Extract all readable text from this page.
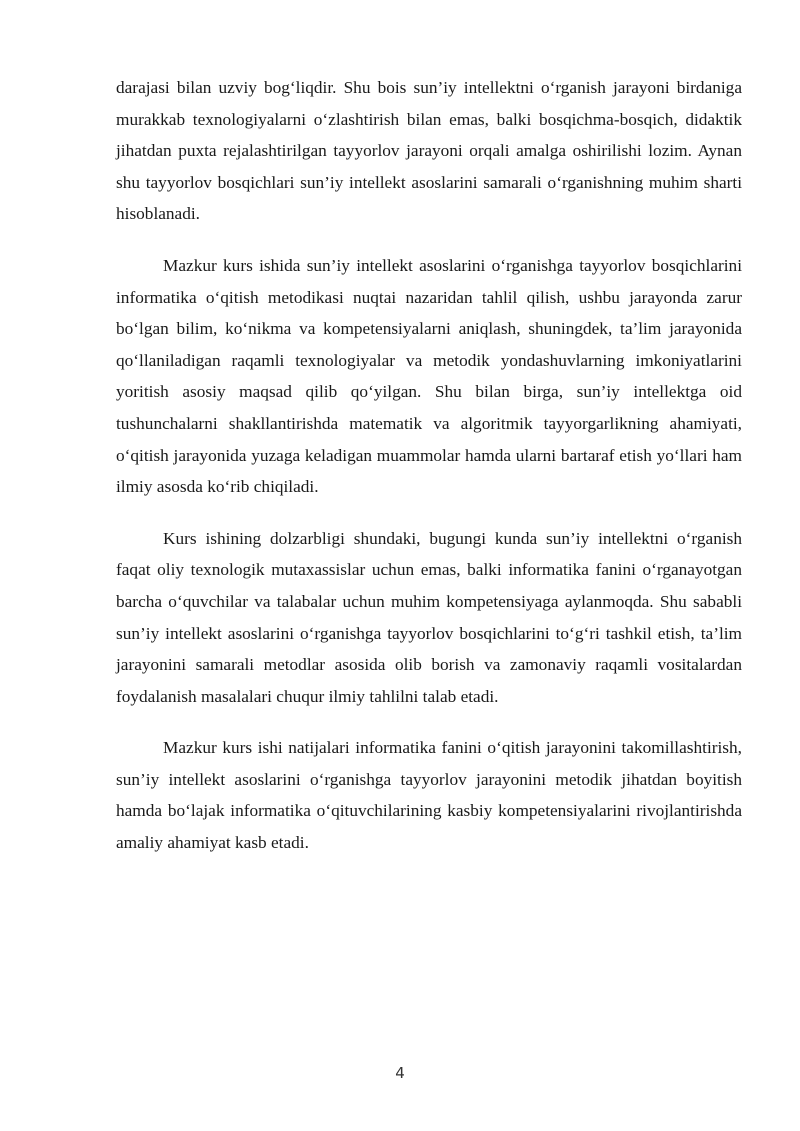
darajasi bilan uzviy bog‘liqdir. Shu bois sun’iy intellektni o‘rganish jarayoni birdaniga murakkab texnologiyalarni o‘zlashtirish bilan emas, balki bosqichma-bosqich, didaktik jihatdan puxta rejalashtirilgan tayyorlov jarayoni orqali amalga oshirilishi lozim. Aynan shu tayyorlov bosqichlari sun’iy intellekt asoslarini samarali o‘rganishning muhim sharti hisoblanadi.

Mazkur kurs ishida sun’iy intellekt asoslarini o‘rganishga tayyorlov bosqichlarini informatika o‘qitish metodikasi nuqtai nazaridan tahlil qilish, ushbu jarayonda zarur bo‘lgan bilim, ko‘nikma va kompetensiyalarni aniqlash, shuningdek, ta’lim jarayonida qo‘llaniladigan raqamli texnologiyalar va metodik yondashuvlarning imkoniyatlarini yoritish asosiy maqsad qilib qo‘yilgan. Shu bilan birga, sun’iy intellektga oid tushunchalarni shakllantirishda matematik va algoritmik tayyorgarlikning ahamiyati, o‘qitish jarayonida yuzaga keladigan muammolar hamda ularni bartaraf etish yo‘llari ham ilmiy asosda ko‘rib chiqiladi.

Kurs ishining dolzarbligi shundaki, bugungi kunda sun’iy intellektni o‘rganish faqat oliy texnologik mutaxassislar uchun emas, balki informatika fanini o‘rganayotgan barcha o‘quvchilar va talabalar uchun muhim kompetensiyaga aylanmoqda. Shu sababli sun’iy intellekt asoslarini o‘rganishga tayyorlov bosqichlarini to‘g‘ri tashkil etish, ta’lim jarayonini samarali metodlar asosida olib borish va zamonaviy raqamli vositalardan foydalanish masalalari chuqur ilmiy tahlilni talab etadi.

Mazkur kurs ishi natijalari informatika fanini o‘qitish jarayonini takomillashtirish, sun’iy intellekt asoslarini o‘rganishga tayyorlov jarayonini metodik jihatdan boyitish hamda bo‘lajak informatika o‘qituvchilarining kasbiy kompetensiyalarini rivojlantirishda amaliy ahamiyat kasb etadi.

4
